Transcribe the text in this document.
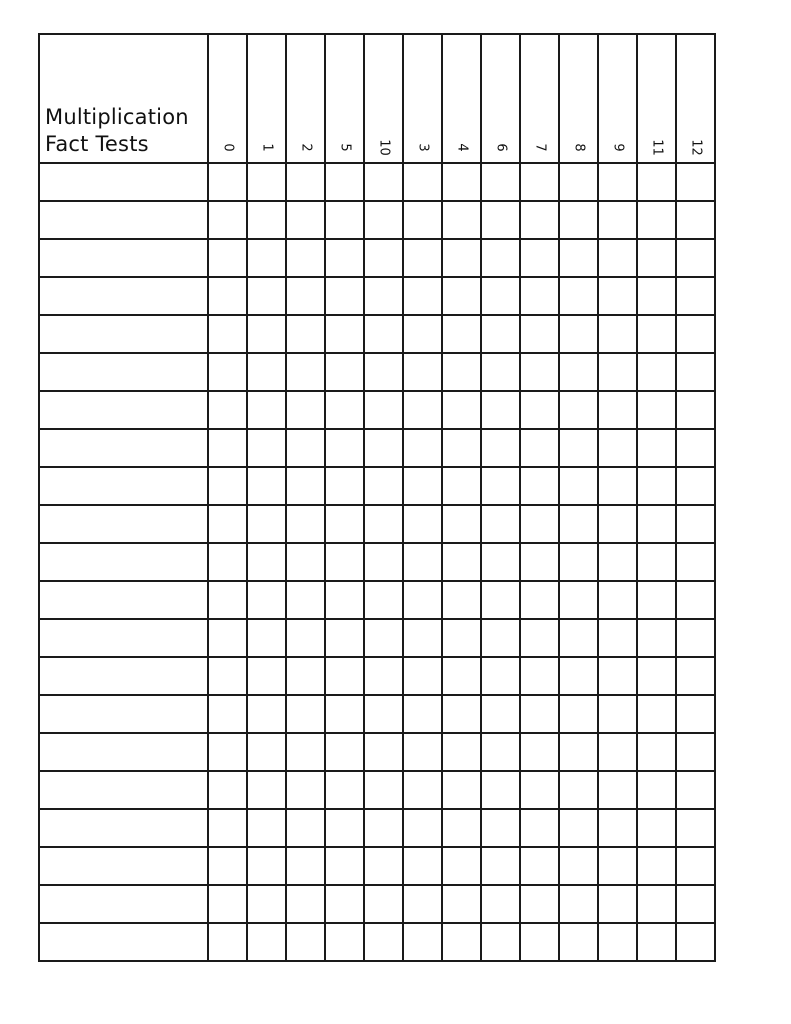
Multiplication
Fact Tests	0	1	2	5	10	3	4	6	7	8	9	11	12
